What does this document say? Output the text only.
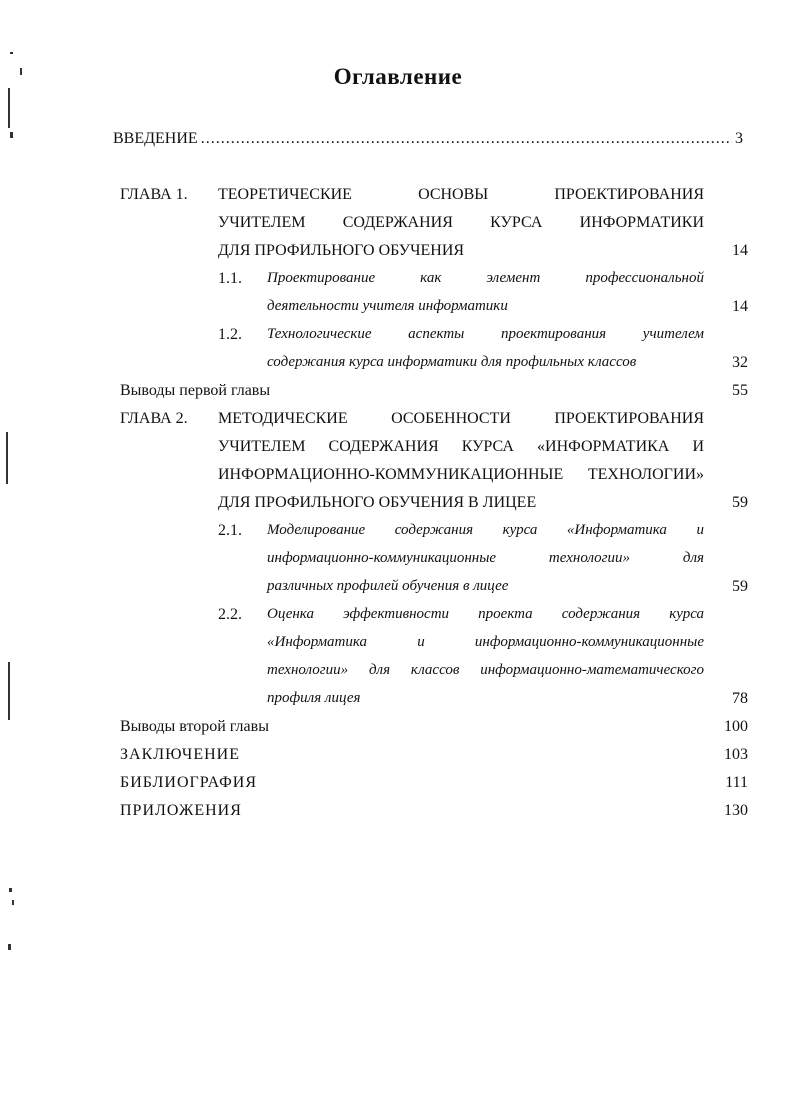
Оглавление
ВВЕДЕНИЕ .....	3
ГЛАВА 1. ТЕОРЕТИЧЕСКИЕ ОСНОВЫ ПРОЕКТИРОВАНИЯ
УЧИТЕЛЕМ СОДЕРЖАНИЯ КУРСА ИНФОРМАТИКИ
ДЛЯ ПРОФИЛЬНОГО ОБУЧЕНИЯ	14
1.1. Проектирование как элемент профессиональной
деятельности учителя информатики	14
1.2. Технологические аспекты проектирования учителем
содержания курса информатики для профильных классов	32
Выводы первой главы	55
ГЛАВА 2. МЕТОДИЧЕСКИЕ ОСОБЕННОСТИ ПРОЕКТИРОВАНИЯ
УЧИТЕЛЕМ СОДЕРЖАНИЯ КУРСА «ИНФОРМАТИКА И
ИНФОРМАЦИОННО-КОММУНИКАЦИОННЫЕ ТЕХНОЛОГИИ»
ДЛЯ ПРОФИЛЬНОГО ОБУЧЕНИЯ В ЛИЦЕЕ	59
2.1. Моделирование содержания курса «Информатика и
информационно-коммуникационные технологии» для
различных профилей обучения в лицее	59
2.2. Оценка эффективности проекта содержания курса
«Информатика и информационно-коммуникационные
технологии» для классов информационно-математического
профиля лицея	78
Выводы второй главы	100
ЗАКЛЮЧЕНИЕ	103
БИБЛИОГРАФИЯ	111
ПРИЛОЖЕНИЯ	130
